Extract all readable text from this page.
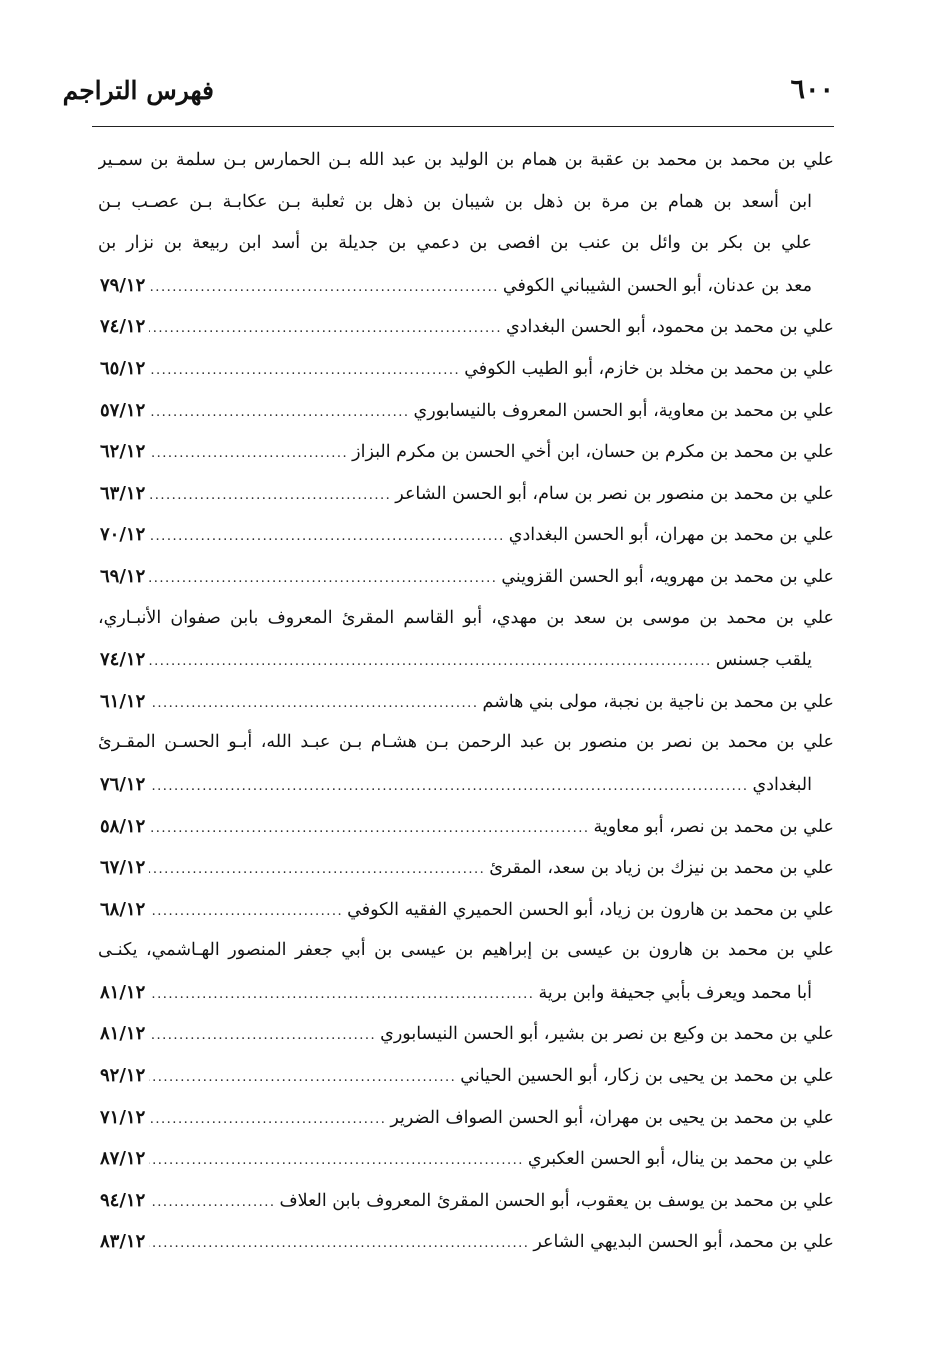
٦٠٠
فهرس التراجم
علي بن محمد بن محمد بن عقبة بن همام بن الوليد بن عبد الله بـن الحمارس بـن سلمة بن سمـير
ابن أسعد بن همام بن مرة بن ذهل بن شيبان بن ذهل بن ثعلبة بـن عكابـة بـن عصـب بـن
علي بن بكر بن وائل بن عنب بن افصى بن دعمي بن جديلة بن أسد ابن ربيعة بن نزار بن
معد بن عدنان، أبو الحسن الشيباني الكوفي
.....
٧٩/١٢
علي بن محمد بن محمود، أبو الحسن البغدادي
.....
٧٤/١٢
علي بن محمد بن مخلد بن خازم، أبو الطيب الكوفي
.....
٦٥/١٢
علي بن محمد بن معاوية، أبو الحسن المعروف بالنيسابوري
.....
٥٧/١٢
علي بن محمد بن مكرم بن حسان، ابن أخي الحسن بن مكرم البزاز
.....
٦٢/١٢
علي بن محمد بن منصور بن نصر بن سام، أبو الحسن الشاعر
.....
٦٣/١٢
علي بن محمد بن مهران، أبو الحسن البغدادي
.....
٧٠/١٢
علي بن محمد بن مهرويه، أبو الحسن القزويني
.....
٦٩/١٢
علي بن محمد بن موسى بن سعد بن مهدي، أبو القاسم المقرئ المعروف بابن صفوان الأنبـاري،
يلقب جسنس
.....
٧٤/١٢
علي بن محمد بن ناجية بن نجبة، مولى بني هاشم
.....
٦١/١٢
علي بن محمد بن نصر بن منصور بن عبد الرحمن بـن هشـام بـن عبـد الله، أبـو الحسـن المقـرئ
البغدادي
.....
٧٦/١٢
علي بن محمد بن نصر، أبو معاوية
.....
٥٨/١٢
علي بن محمد بن نيزك بن زياد بن سعد، المقرئ
.....
٦٧/١٢
علي بن محمد بن هارون بن زياد، أبو الحسن الحميري الفقيه الكوفي
.....
٦٨/١٢
علي بن محمد بن هارون بن عيسى بن إبراهيم بن عيسى بن أبي جعفر المنصور الهـاشمي، يكنـى
أبا محمد ويعرف بأبي جحيفة وابن برية
.....
٨١/١٢
علي بن محمد بن وكيع بن نصر بن بشير، أبو الحسن النيسابوري
.....
٨١/١٢
علي بن محمد بن يحيى بن زكار، أبو الحسين الحياني
.....
٩٢/١٢
علي بن محمد بن يحيى بن مهران، أبو الحسن الصواف الضرير
.....
٧١/١٢
علي بن محمد بن ينال، أبو الحسن العكبري
.....
٨٧/١٢
علي بن محمد بن يوسف بن يعقوب، أبو الحسن المقرئ المعروف بابن العلاف
.....
٩٤/١٢
علي بن محمد، أبو الحسن البديهي الشاعر
.....
٨٣/١٢
